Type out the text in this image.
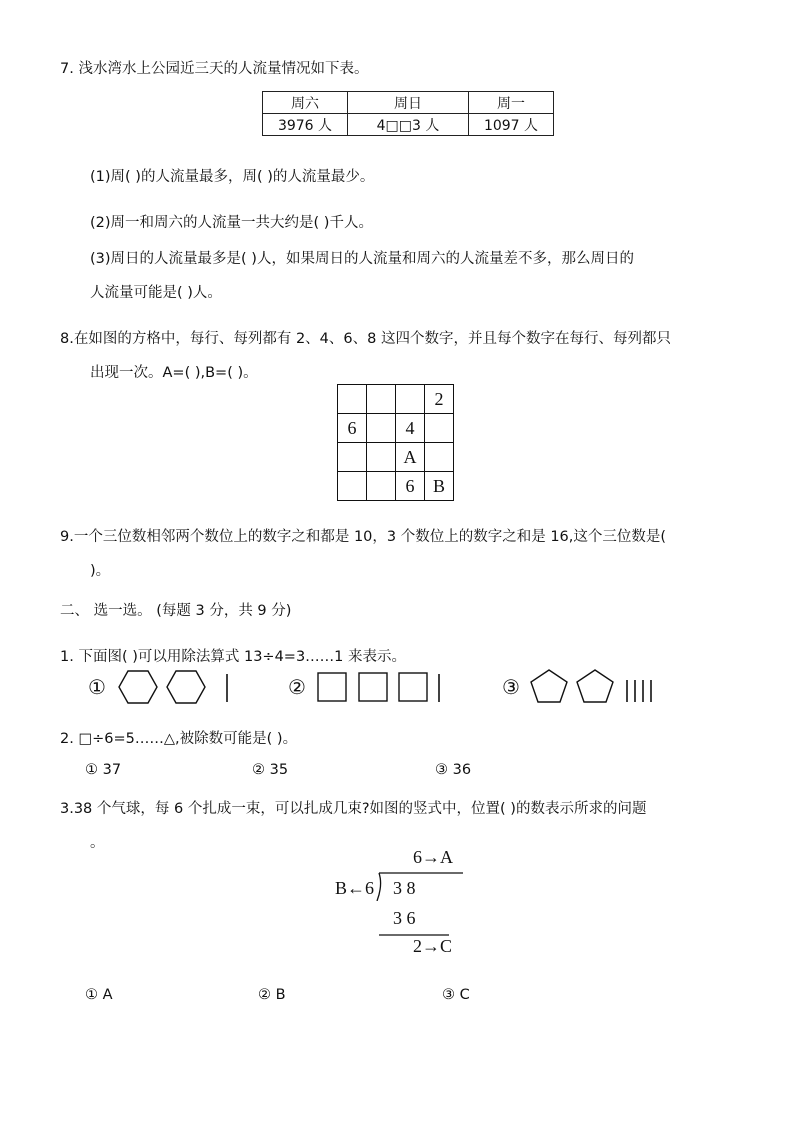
7. 浅水湾水上公园近三天的人流量情况如下表。
周六	周日	周一
3976 人	4□□3 人	1097 人
(1)周( )的人流量最多，周( )的人流量最少。
(2)周一和周六的人流量一共大约是( )千人。
(3)周日的人流量最多是( )人，如果周日的人流量和周六的人流量差不多，那么周日的
人流量可能是( )人。
8.在如图的方格中，每行、每列都有 2、4、6、8 这四个数字，并且每个数字在每行、每列都只
出现一次。A=( ),B=( )。
			2
6		4	
		A	
		6	B
9.一个三位数相邻两个数位上的数字之和都是 10，3 个数位上的数字之和是 16,这个三位数是(
)。
二、 选一选。 (每题 3 分，共 9 分)
1. 下面图( )可以用除法算式 13÷4=3……1 来表示。
①	②	③
2. □÷6=5……△,被除数可能是( )。
① 37	② 35	③ 36
3.38 个气球，每 6 个扎成一束，可以扎成几束?如图的竖式中，位置( )的数表示所求的问题
。
6→A
B←6 3 8
3 6
2→C
① A	② B	③ C
